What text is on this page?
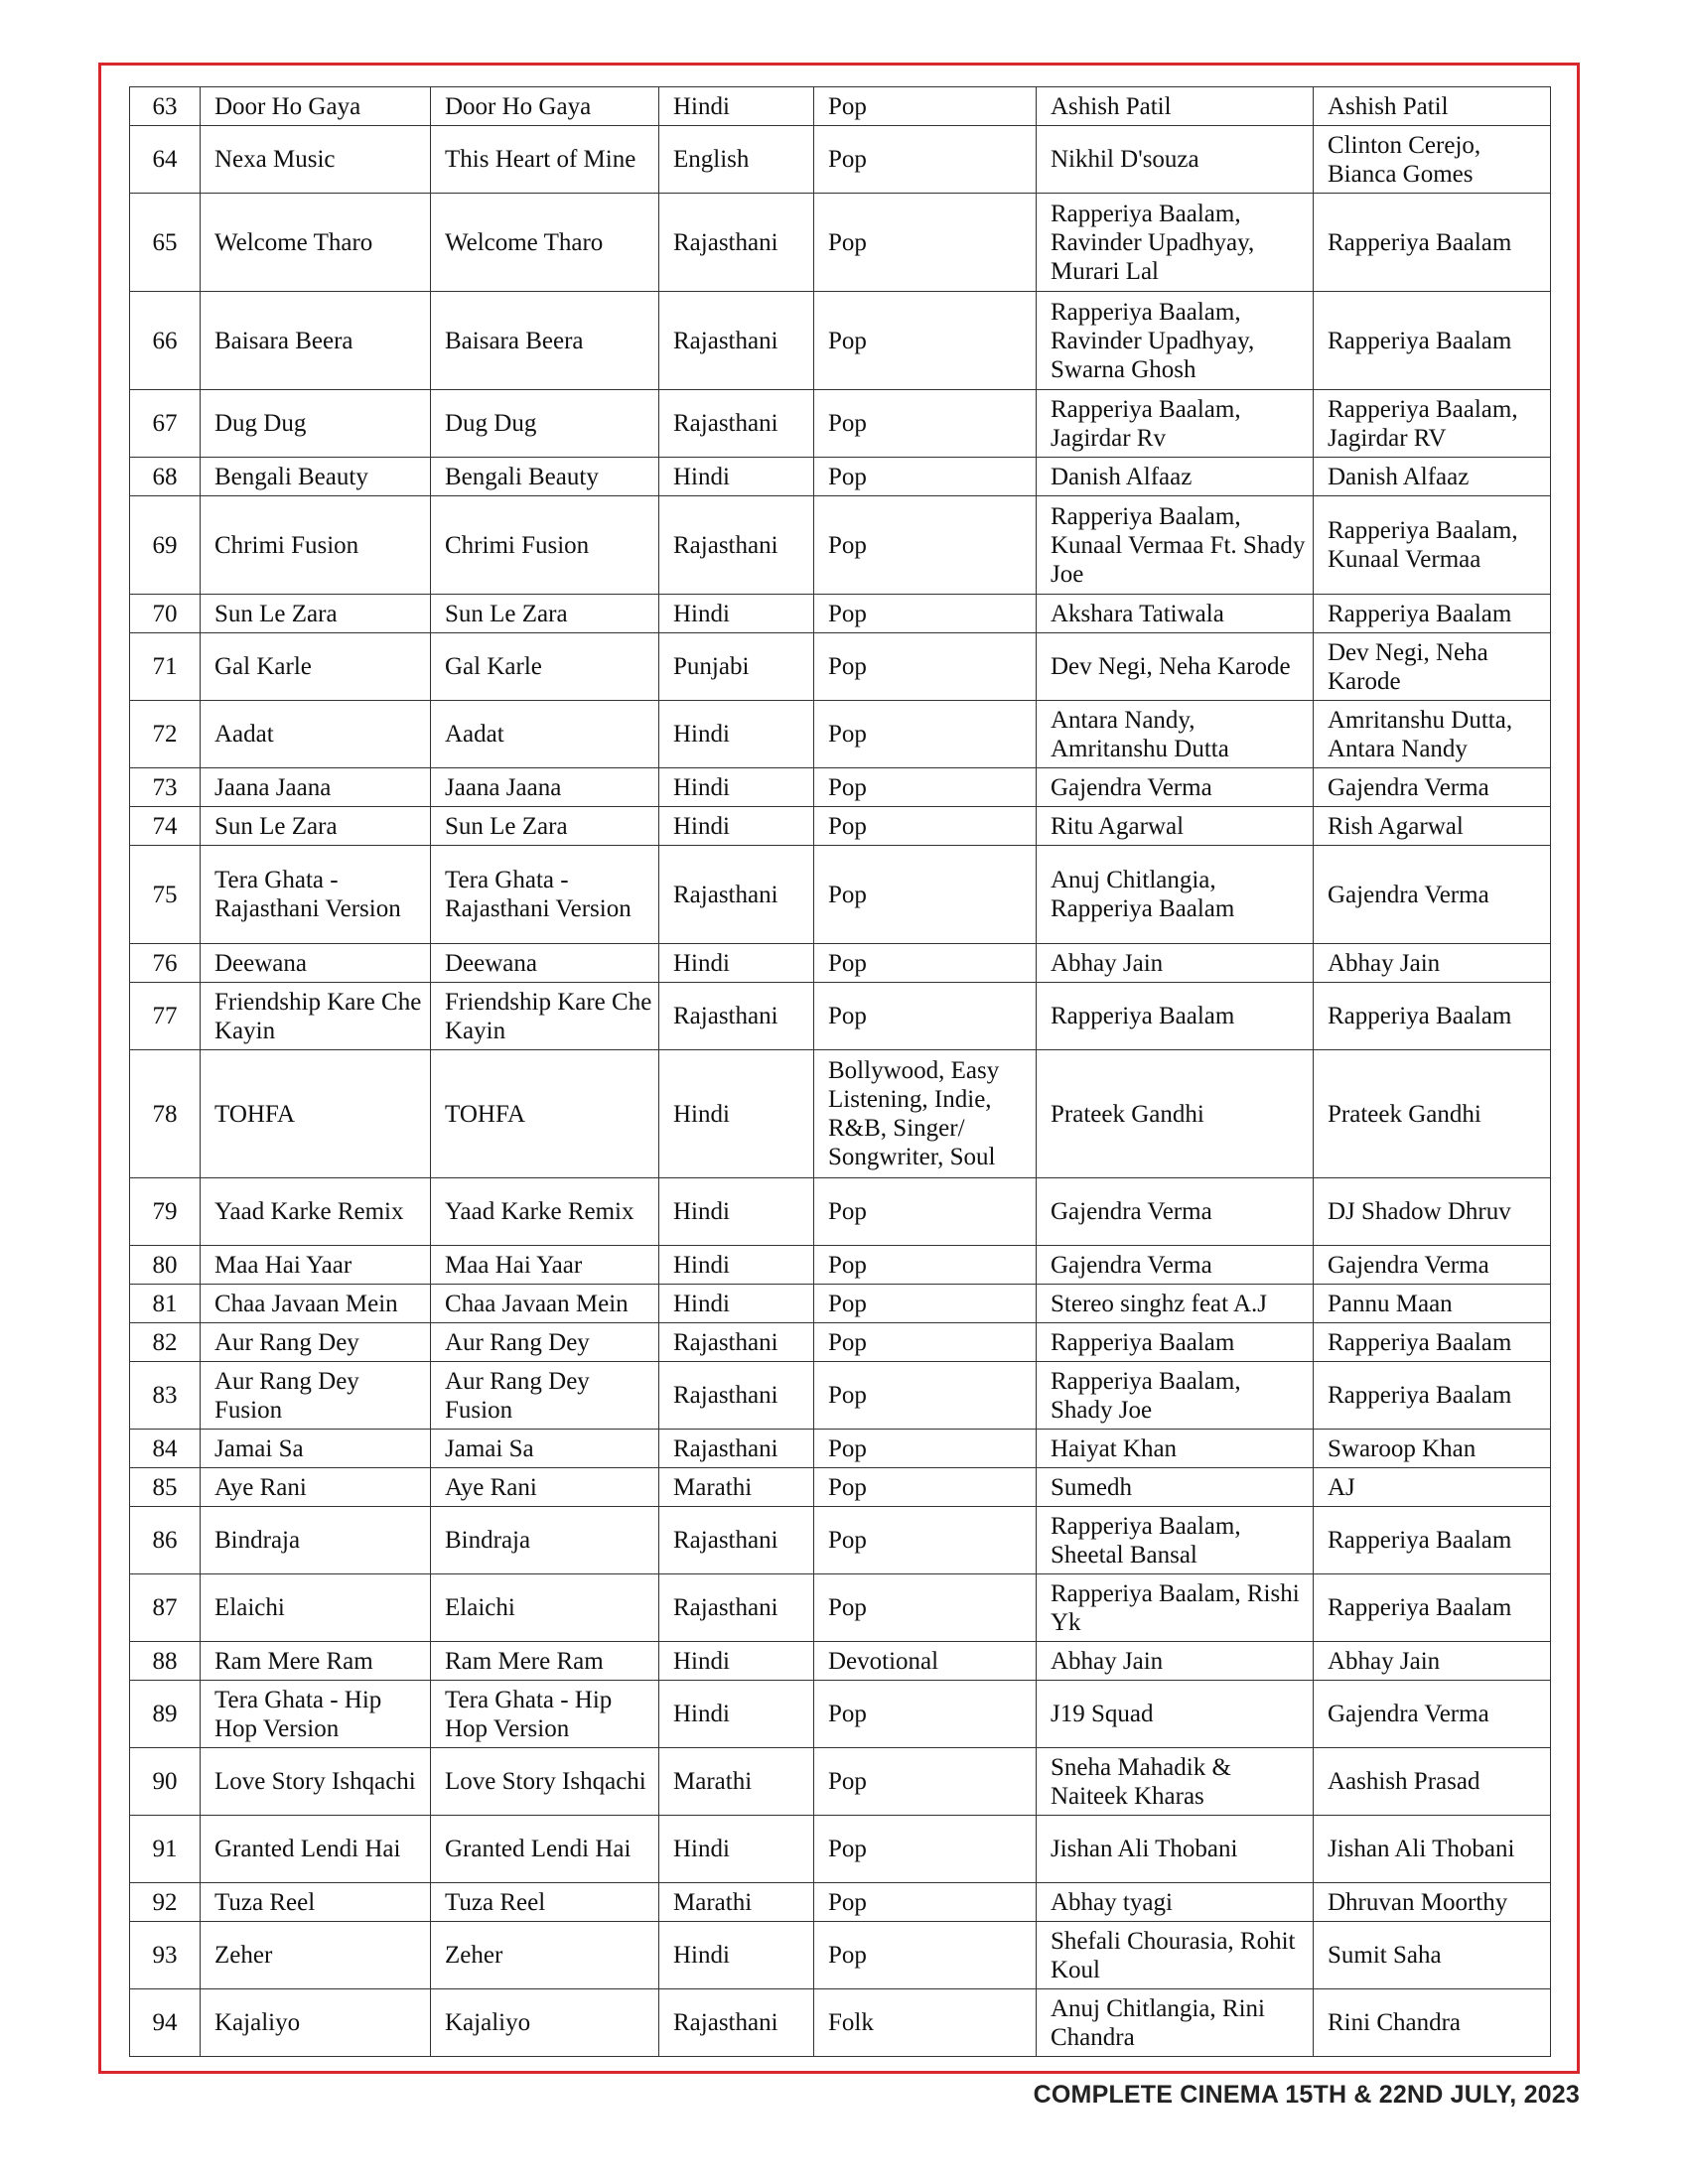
63	Door Ho Gaya	Door Ho Gaya	Hindi	Pop	Ashish Patil	Ashish Patil
64	Nexa Music	This Heart of Mine	English	Pop	Nikhil D'souza	Clinton Cerejo, Bianca Gomes
65	Welcome Tharo	Welcome Tharo	Rajasthani	Pop	Rapperiya Baalam, Ravinder Upadhyay, Murari Lal	Rapperiya Baalam
66	Baisara Beera	Baisara Beera	Rajasthani	Pop	Rapperiya Baalam, Ravinder Upadhyay, Swarna Ghosh	Rapperiya Baalam
67	Dug Dug	Dug Dug	Rajasthani	Pop	Rapperiya Baalam, Jagirdar Rv	Rapperiya Baalam, Jagirdar RV
68	Bengali Beauty	Bengali Beauty	Hindi	Pop	Danish Alfaaz	Danish Alfaaz
69	Chrimi Fusion	Chrimi Fusion	Rajasthani	Pop	Rapperiya Baalam, Kunaal Vermaa Ft. Shady Joe	Rapperiya Baalam, Kunaal Vermaa
70	Sun Le Zara	Sun Le Zara	Hindi	Pop	Akshara Tatiwala	Rapperiya Baalam
71	Gal Karle	Gal Karle	Punjabi	Pop	Dev Negi, Neha Karode	Dev Negi, Neha Karode
72	Aadat	Aadat	Hindi	Pop	Antara Nandy, Amritanshu Dutta	Amritanshu Dutta, Antara Nandy
73	Jaana Jaana	Jaana Jaana	Hindi	Pop	Gajendra Verma	Gajendra Verma
74	Sun Le Zara	Sun Le Zara	Hindi	Pop	Ritu Agarwal	Rish Agarwal
75	Tera Ghata - Rajasthani Version	Tera Ghata - Rajasthani Version	Rajasthani	Pop	Anuj Chitlangia, Rapperiya Baalam	Gajendra Verma
76	Deewana	Deewana	Hindi	Pop	Abhay Jain	Abhay Jain
77	Friendship Kare Che Kayin	Friendship Kare Che Kayin	Rajasthani	Pop	Rapperiya Baalam	Rapperiya Baalam
78	TOHFA	TOHFA	Hindi	Bollywood, Easy Listening, Indie, R&B, Singer/ Songwriter, Soul	Prateek Gandhi	Prateek Gandhi
79	Yaad Karke Remix	Yaad Karke Remix	Hindi	Pop	Gajendra Verma	DJ Shadow Dhruv
80	Maa Hai Yaar	Maa Hai Yaar	Hindi	Pop	Gajendra Verma	Gajendra Verma
81	Chaa Javaan Mein	Chaa Javaan Mein	Hindi	Pop	Stereo singhz feat A.J	Pannu Maan
82	Aur Rang Dey	Aur Rang Dey	Rajasthani	Pop	Rapperiya Baalam	Rapperiya Baalam
83	Aur Rang Dey Fusion	Aur Rang Dey Fusion	Rajasthani	Pop	Rapperiya Baalam, Shady Joe	Rapperiya Baalam
84	Jamai Sa	Jamai Sa	Rajasthani	Pop	Haiyat Khan	Swaroop Khan
85	Aye Rani	Aye Rani	Marathi	Pop	Sumedh	AJ
86	Bindraja	Bindraja	Rajasthani	Pop	Rapperiya Baalam, Sheetal Bansal	Rapperiya Baalam
87	Elaichi	Elaichi	Rajasthani	Pop	Rapperiya Baalam, Rishi Yk	Rapperiya Baalam
88	Ram Mere Ram	Ram Mere Ram	Hindi	Devotional	Abhay Jain	Abhay Jain
89	Tera Ghata - Hip Hop Version	Tera Ghata - Hip Hop Version	Hindi	Pop	J19 Squad	Gajendra Verma
90	Love Story Ishqachi	Love Story Ishqachi	Marathi	Pop	Sneha Mahadik & Naiteek Kharas	Aashish Prasad
91	Granted Lendi Hai	Granted Lendi Hai	Hindi	Pop	Jishan Ali Thobani	Jishan Ali Thobani
92	Tuza Reel	Tuza Reel	Marathi	Pop	Abhay tyagi	Dhruvan Moorthy
93	Zeher	Zeher	Hindi	Pop	Shefali Chourasia, Rohit Koul	Sumit Saha
94	Kajaliyo	Kajaliyo	Rajasthani	Folk	Anuj Chitlangia, Rini Chandra	Rini Chandra
COMPLETE CINEMA 15TH & 22ND JULY, 2023
